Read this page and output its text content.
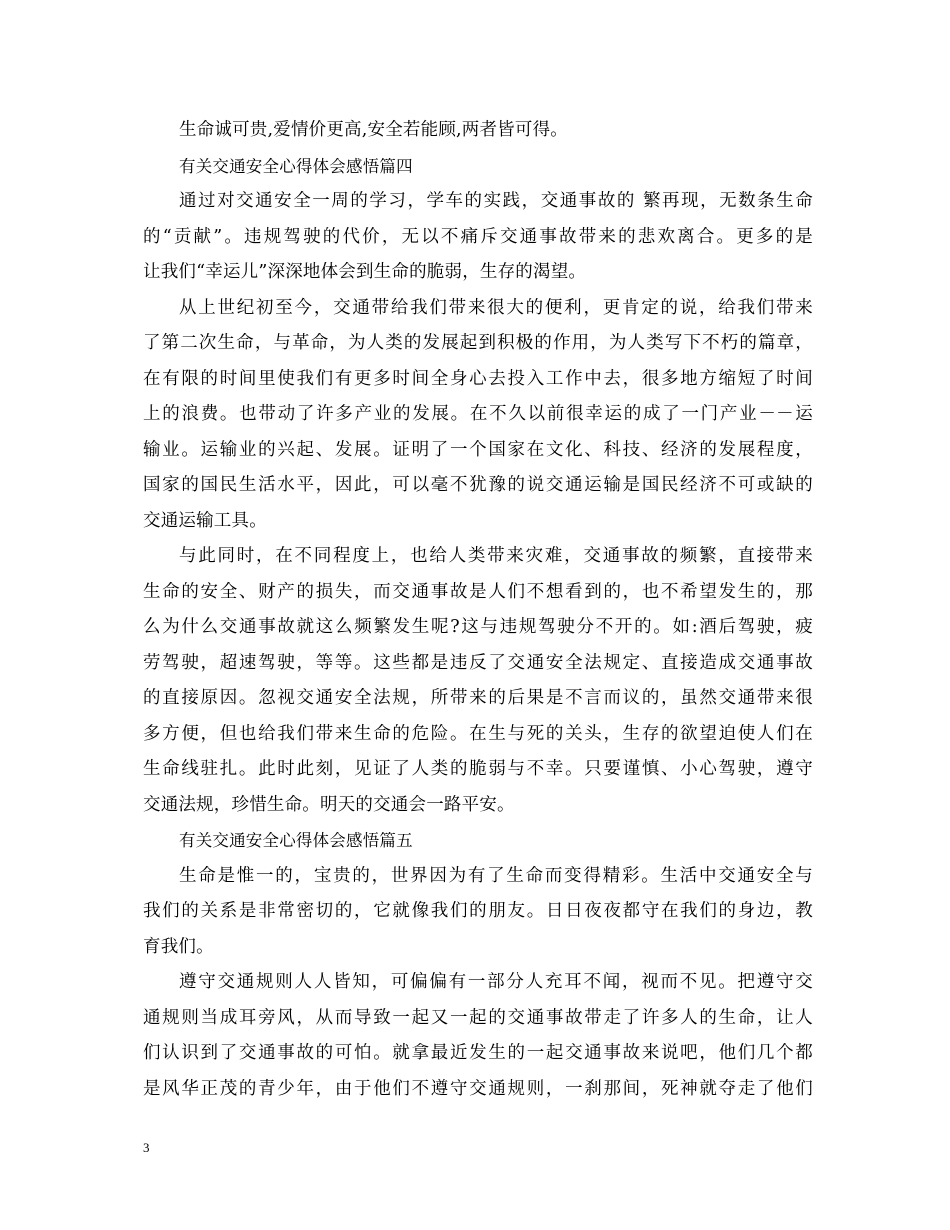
生命诚可贵,爱情价更高,安全若能顾,两者皆可得。
有关交通安全心得体会感悟篇四
通过对交通安全一周的学习，学车的实践，交通事故的 繁再现，无数条生命
的“贡献”。违规驾驶的代价，无以不痛斥交通事故带来的悲欢离合。更多的是
让我们“幸运儿”深深地体会到生命的脆弱，生存的渴望。
从上世纪初至今，交通带给我们带来很大的便利，更肯定的说，给我们带来
了第二次生命，与革命，为人类的发展起到积极的作用，为人类写下不朽的篇章，
在有限的时间里使我们有更多时间全身心去投入工作中去，很多地方缩短了时间
上的浪费。也带动了许多产业的发展。在不久以前很幸运的成了一门产业－－运
输业。运输业的兴起、发展。证明了一个国家在文化、科技、经济的发展程度，
国家的国民生活水平，因此，可以毫不犹豫的说交通运输是国民经济不可或缺的
交通运输工具。
与此同时，在不同程度上，也给人类带来灾难，交通事故的频繁，直接带来
生命的安全、财产的损失，而交通事故是人们不想看到的，也不希望发生的，那
么为什么交通事故就这么频繁发生呢?这与违规驾驶分不开的。如:酒后驾驶，疲
劳驾驶，超速驾驶，等等。这些都是违反了交通安全法规定、直接造成交通事故
的直接原因。忽视交通安全法规，所带来的后果是不言而议的，虽然交通带来很
多方便，但也给我们带来生命的危险。在生与死的关头，生存的欲望迫使人们在
生命线驻扎。此时此刻，见证了人类的脆弱与不幸。只要谨慎、小心驾驶，遵守
交通法规，珍惜生命。明天的交通会一路平安。
有关交通安全心得体会感悟篇五
生命是惟一的，宝贵的，世界因为有了生命而变得精彩。生活中交通安全与
我们的关系是非常密切的，它就像我们的朋友。日日夜夜都守在我们的身边，教
育我们。
遵守交通规则人人皆知，可偏偏有一部分人充耳不闻，视而不见。把遵守交
通规则当成耳旁风，从而导致一起又一起的交通事故带走了许多人的生命，让人
们认识到了交通事故的可怕。就拿最近发生的一起交通事故来说吧，他们几个都
是风华正茂的青少年，由于他们不遵守交通规则，一刹那间，死神就夺走了他们
3
